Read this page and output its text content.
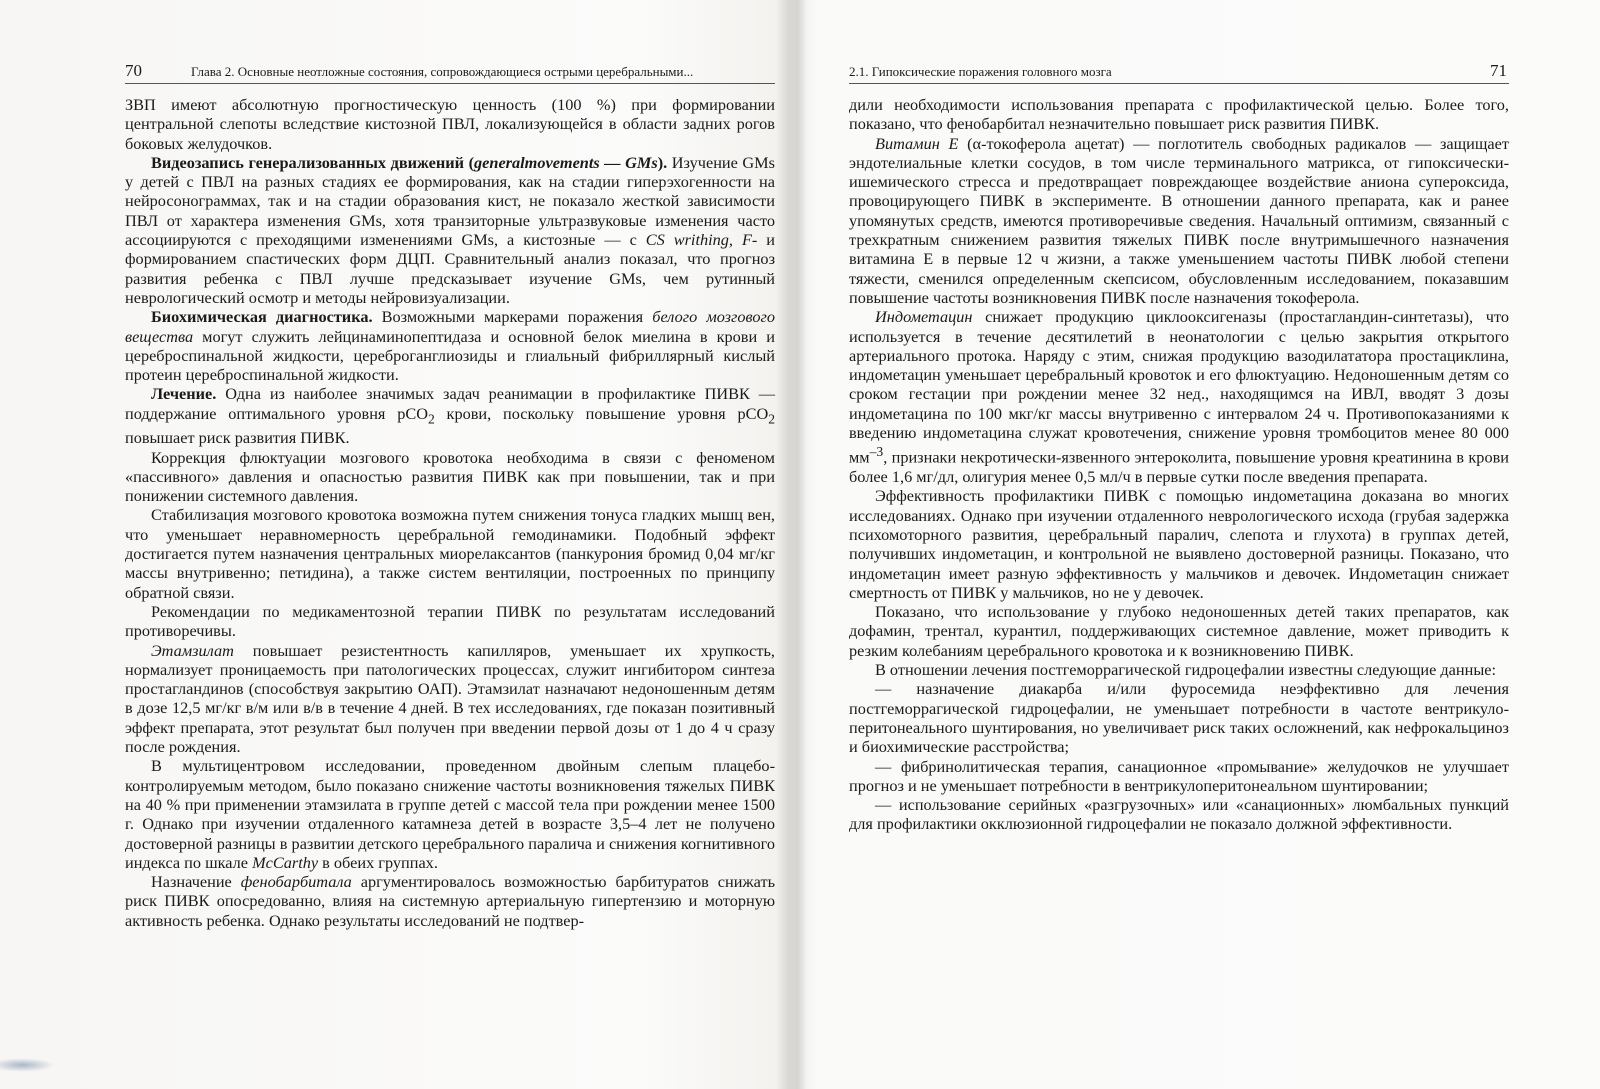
70	Глава 2. Основные неотложные состояния, сопровождающиеся острыми церебральными...

ЗВП имеют абсолютную прогностическую ценность (100 %) при формировании центральной слепоты вследствие кистозной ПВЛ, локализующейся в области задних рогов боковых желудочков.

Видеозапись генерализованных движений (generalmovements — GMs). Изучение GMs у детей с ПВЛ на разных стадиях ее формирования, как на стадии гиперэхогенности на нейросонограммах, так и на стадии образования кист, не показало жесткой зависимости ПВЛ от характера изменения GMs, хотя транзиторные ультразвуковые изменения часто ассоциируются с преходящими изменениями GMs, а кистозные — с CS writhing, F- и формированием спастических форм ДЦП. Сравнительный анализ показал, что прогноз развития ребенка с ПВЛ лучше предсказывает изучение GMs, чем рутинный неврологический осмотр и методы нейровизуализации.

Биохимическая диагностика. Возможными маркерами поражения белого мозгового вещества могут служить лейцинаминопептидаза и основной белок миелина в крови и цереброспинальной жидкости, цереброганглиозиды и глиальный фибриллярный кислый протеин цереброспинальной жидкости.

Лечение. Одна из наиболее значимых задач реанимации в профилактике ПИВК — поддержание оптимального уровня pCO$_2$ крови, поскольку повышение уровня pCO$_2$ повышает риск развития ПИВК.

Коррекция флюктуации мозгового кровотока необходима в связи с феноменом «пассивного» давления и опасностью развития ПИВК как при повышении, так и при понижении системного давления.

Стабилизация мозгового кровотока возможна путем снижения тонуса гладких мышц вен, что уменьшает неравномерность церебральной гемодинамики. Подобный эффект достигается путем назначения центральных миорелаксантов (панкурония бромид 0,04 мг/кг массы внутривенно; петидина), а также систем вентиляции, построенных по принципу обратной связи.

Рекомендации по медикаментозной терапии ПИВК по результатам исследований противоречивы.

Этамзилат повышает резистентность капилляров, уменьшает их хрупкость, нормализует проницаемость при патологических процессах, служит ингибитором синтеза простагландинов (способствуя закрытию ОАП). Этамзилат назначают недоношенным детям в дозе 12,5 мг/кг в/м или в/в в течение 4 дней. В тех исследованиях, где показан позитивный эффект препарата, этот результат был получен при введении первой дозы от 1 до 4 ч сразу после рождения.

В мультицентровом исследовании, проведенном двойным слепым плацебо-контролируемым методом, было показано снижение частоты возникновения тяжелых ПИВК на 40 % при применении этамзилата в группе детей с массой тела при рождении менее 1500 г. Однако при изучении отдаленного катамнеза детей в возрасте 3,5–4 лет не получено достоверной разницы в развитии детского церебрального паралича и снижения когнитивного индекса по шкале McCarthy в обеих группах.

Назначение фенобарбитала аргументировалось возможностью барбитуратов снижать риск ПИВК опосредованно, влияя на системную артериальную гипертензию и моторную активность ребенка. Однако результаты исследований не подтвер-

2.1. Гипоксические поражения головного мозга	71

дили необходимости использования препарата с профилактической целью. Более того, показано, что фенобарбитал незначительно повышает риск развития ПИВК.

Витамин Е (α-токоферола ацетат) — поглотитель свободных радикалов — защищает эндотелиальные клетки сосудов, в том числе терминального матрикса, от гипоксически-ишемического стресса и предотвращает повреждающее воздействие аниона супероксида, провоцирующего ПИВК в эксперименте. В отношении данного препарата, как и ранее упомянутых средств, имеются противоречивые сведения. Начальный оптимизм, связанный с трехкратным снижением развития тяжелых ПИВК после внутримышечного назначения витамина Е в первые 12 ч жизни, а также уменьшением частоты ПИВК любой степени тяжести, сменился определенным скепсисом, обусловленным исследованием, показавшим повышение частоты возникновения ПИВК после назначения токоферола.

Индометацин снижает продукцию циклооксигеназы (простагландин-синтетазы), что используется в течение десятилетий в неонатологии с целью закрытия открытого артериального протока. Наряду с этим, снижая продукцию вазодилататора простациклина, индометацин уменьшает церебральный кровоток и его флюктуацию. Недоношенным детям со сроком гестации при рождении менее 32 нед., находящимся на ИВЛ, вводят 3 дозы индометацина по 100 мкг/кг массы внутривенно с интервалом 24 ч. Противопоказаниями к введению индометацина служат кровотечения, снижение уровня тромбоцитов менее 80 000 $мм^{-3}$, признаки некротически-язвенного энтероколита, повышение уровня креатинина в крови более 1,6 мг/дл, олигурия менее 0,5 мл/ч в первые сутки после введения препарата.

Эффективность профилактики ПИВК с помощью индометацина доказана во многих исследованиях. Однако при изучении отдаленного неврологического исхода (грубая задержка психомоторного развития, церебральный паралич, слепота и глухота) в группах детей, получивших индометацин, и контрольной не выявлено достоверной разницы. Показано, что индометацин имеет разную эффективность у мальчиков и девочек. Индометацин снижает смертность от ПИВК у мальчиков, но не у девочек.

Показано, что использование у глубоко недоношенных детей таких препаратов, как дофамин, трентал, курантил, поддерживающих системное давление, может приводить к резким колебаниям церебрального кровотока и к возникновению ПИВК.

В отношении лечения постгеморрагической гидроцефалии известны следующие данные:

— назначение диакарба и/или фуросемида неэффективно для лечения постгеморрагической гидроцефалии, не уменьшает потребности в частоте вентрикуло-перитонеального шунтирования, но увеличивает риск таких осложнений, как нефрокальциноз и биохимические расстройства;

— фибринолитическая терапия, санационное «промывание» желудочков не улучшает прогноз и не уменьшает потребности в вентрикулоперитонеальном шунтировании;

— использование серийных «разгрузочных» или «санационных» люмбальных пункций для профилактики окклюзионной гидроцефалии не показало должной эффективности.
